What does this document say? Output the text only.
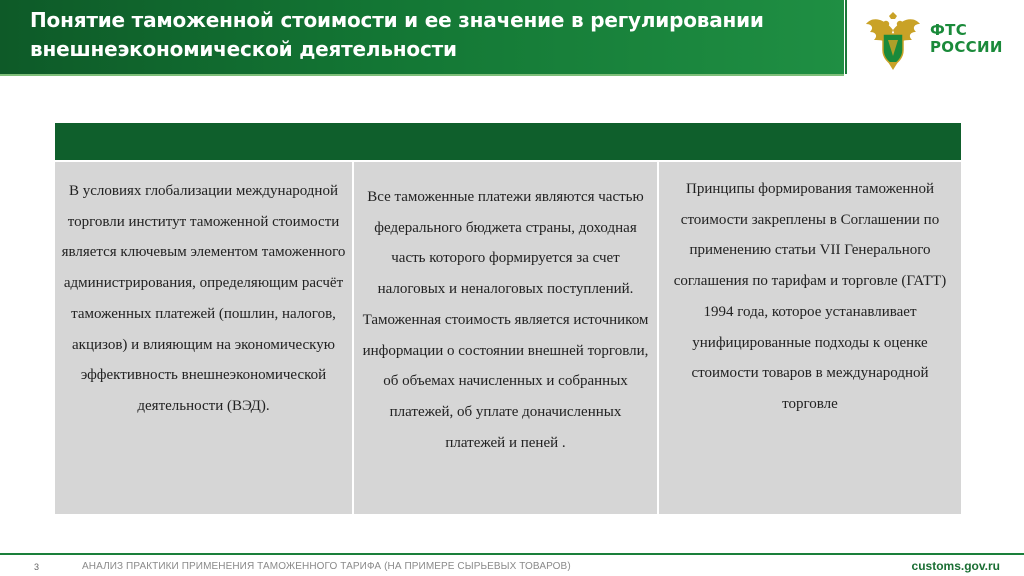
Понятие таможенной стоимости и ее значение в регулировании внешнеэкономической деятельности
ФТС
РОССИИ
В условиях глобализации международной торговли институт таможенной стоимости является ключевым элементом таможенного администрирования, определяющим расчёт таможенных платежей (пошлин, налогов, акцизов) и влияющим на экономическую эффективность внешнеэкономической деятельности (ВЭД).
Все таможенные платежи являются частью федерального бюджета страны, доходная часть которого формируется за счет налоговых и неналоговых поступлений. Таможенная стоимость является источником информации о состоянии внешней торговли, об объемах начисленных и собранных платежей, об уплате доначисленных платежей и пеней .
Принципы формирования таможенной стоимости закреплены в Соглашении по применению статьи VII Генерального соглашения по тарифам и торговле (ГАТТ) 1994 года, которое устанавливает унифицированные подходы к оценке стоимости товаров в международной торговле
3	АНАЛИЗ ПРАКТИКИ ПРИМЕНЕНИЯ ТАМОЖЕННОГО ТАРИФА (НА ПРИМЕРЕ СЫРЬЕВЫХ ТОВАРОВ)	customs.gov.ru
